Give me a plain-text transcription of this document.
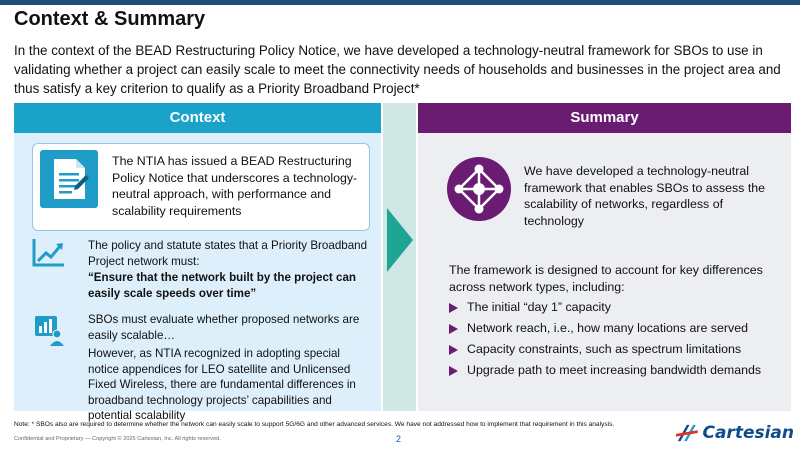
Context & Summary
In the context of the BEAD Restructuring Policy Notice, we have developed a technology-neutral framework for SBOs to use in validating whether a project can easily scale to meet the connectivity needs of households and businesses in the project area and thus satisfy a key criterion to qualify as a Priority Broadband Project*
Context
The NTIA has issued a BEAD Restructuring Policy Notice that underscores a technology-neutral approach, with performance and scalability requirements
The policy and statute states that a Priority Broadband Project network must:
“Ensure that the network built by the project can easily scale speeds over time”
SBOs must evaluate whether proposed networks are easily scalable…
However, as NTIA recognized in adopting special notice appendices for LEO satellite and Unlicensed Fixed Wireless, there are fundamental differences in broadband technology projects’ capabilities and potential scalability
Summary
We have developed a technology-neutral framework that enables SBOs to assess the scalability of networks, regardless of technology
The framework is designed to account for key differences across network types, including:
The initial “day 1” capacity
Network reach, i.e., how many locations are served
Capacity constraints, such as spectrum limitations
Upgrade path to meet increasing bandwidth demands
Note: * SBOs also are required to determine whether the network can easily scale to support 5G/6G and other advanced services. We have not addressed how to implement that requirement in this analysis.
Confidential and Proprietary — Copyright © 2025 Cartesian, Inc. All rights reserved.	2	Cartesian
